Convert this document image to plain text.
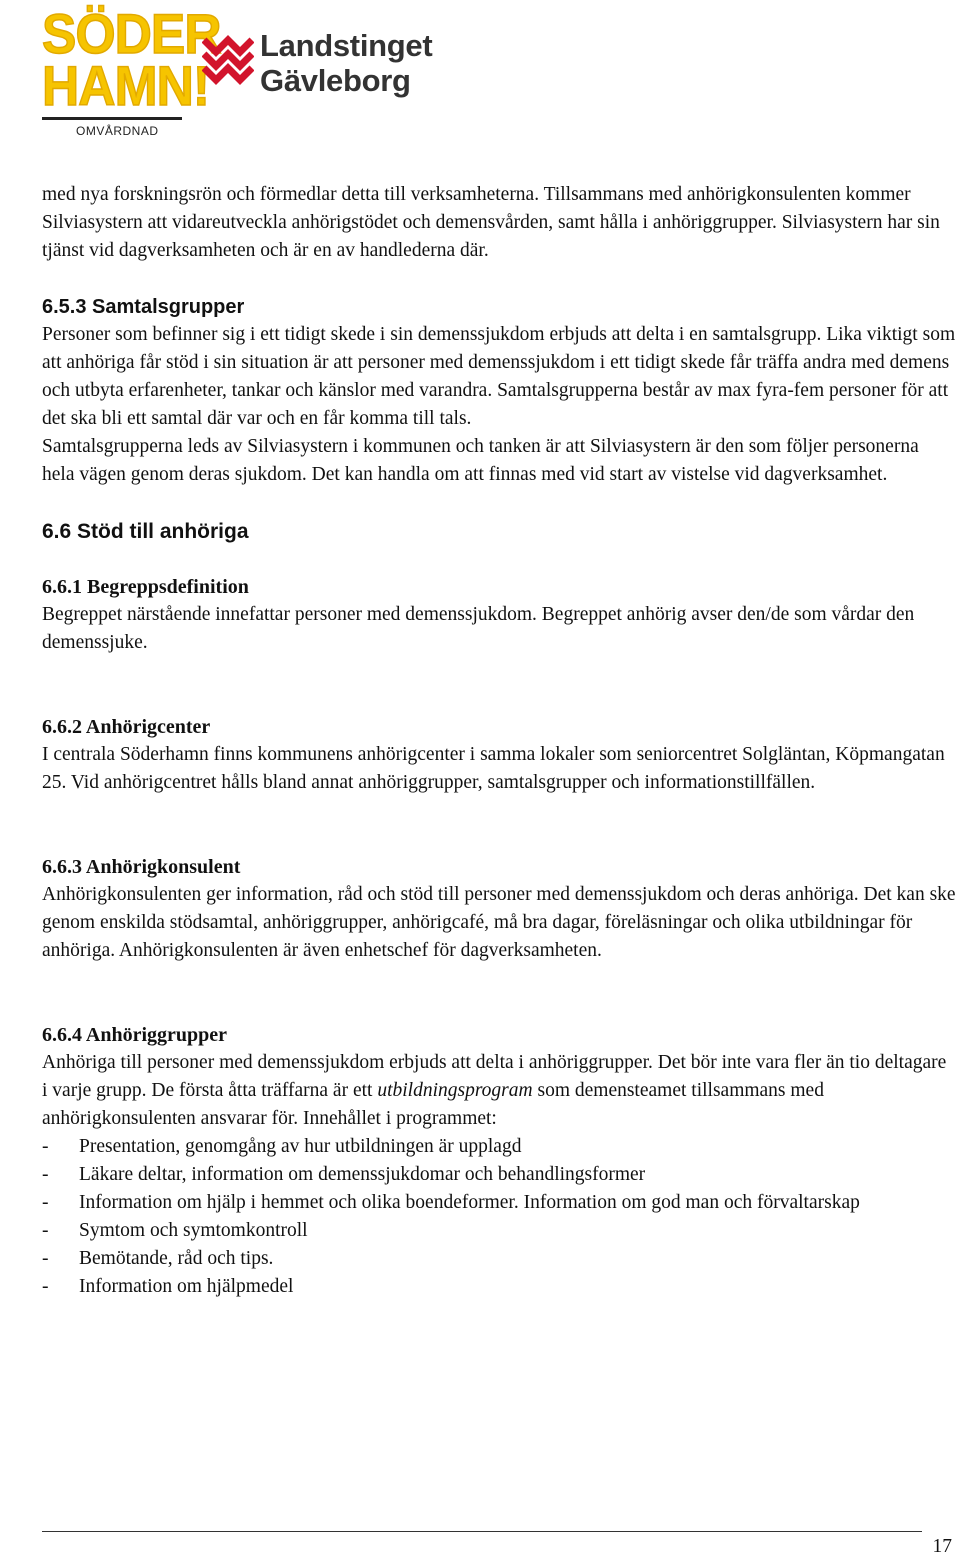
SÖDER
HAMN!
OMVÅRDNAD
Landstinget
Gävleborg

med nya forskningsrön och förmedlar detta till verksamheterna. Tillsammans med anhörigkonsulenten kommer Silviasystern att vidareutveckla anhörigstödet och demensvården, samt hålla i anhöriggrupper. Silviasystern har sin tjänst vid dagverksamheten och är en av handlederna där.

6.5.3 Samtalsgrupper

Personer som befinner sig i ett tidigt skede i sin demenssjukdom erbjuds att delta i en samtalsgrupp. Lika viktigt som att anhöriga får stöd i sin situation är att personer med demenssjukdom i ett tidigt skede får träffa andra med demens och utbyta erfarenheter, tankar och känslor med varandra. Samtalsgrupperna består av max fyra-fem personer för att det ska bli ett samtal där var och en får komma till tals.

Samtalsgrupperna leds av Silviasystern i kommunen och tanken är att Silviasystern är den som följer personerna hela vägen genom deras sjukdom. Det kan handla om att finnas med vid start av vistelse vid dagverksamhet.

6.6 Stöd till anhöriga
6.6.1 Begreppsdefinition

Begreppet närstående innefattar personer med demenssjukdom. Begreppet anhörig avser den/de som vårdar den demenssjuke.

6.6.2 Anhörigcenter

I centrala Söderhamn finns kommunens anhörigcenter i samma lokaler som seniorcentret Solgläntan, Köpmangatan 25. Vid anhörigcentret hålls bland annat anhöriggrupper, samtalsgrupper och informationstillfällen.

6.6.3 Anhörigkonsulent

Anhörigkonsulenten ger information, råd och stöd till personer med demenssjukdom och deras anhöriga. Det kan ske genom enskilda stödsamtal, anhöriggrupper, anhörigcafé, må bra dagar, föreläsningar och olika utbildningar för anhöriga. Anhörigkonsulenten är även enhetschef för dagverksamheten.

6.6.4 Anhöriggrupper

Anhöriga till personer med demenssjukdom erbjuds att delta i anhöriggrupper. Det bör inte vara fler än tio deltagare i varje grupp. De första åtta träffarna är ett utbildningsprogram som demensteamet tillsammans med anhörigkonsulenten ansvarar för. Innehållet i programmet:

- Presentation, genomgång av hur utbildningen är upplagd
- Läkare deltar, information om demenssjukdomar och behandlingsformer
- Information om hjälp i hemmet och olika boendeformer. Information om god man och förvaltarskap
- Symtom och symtomkontroll
- Bemötande, råd och tips.
- Information om hjälpmedel
17
